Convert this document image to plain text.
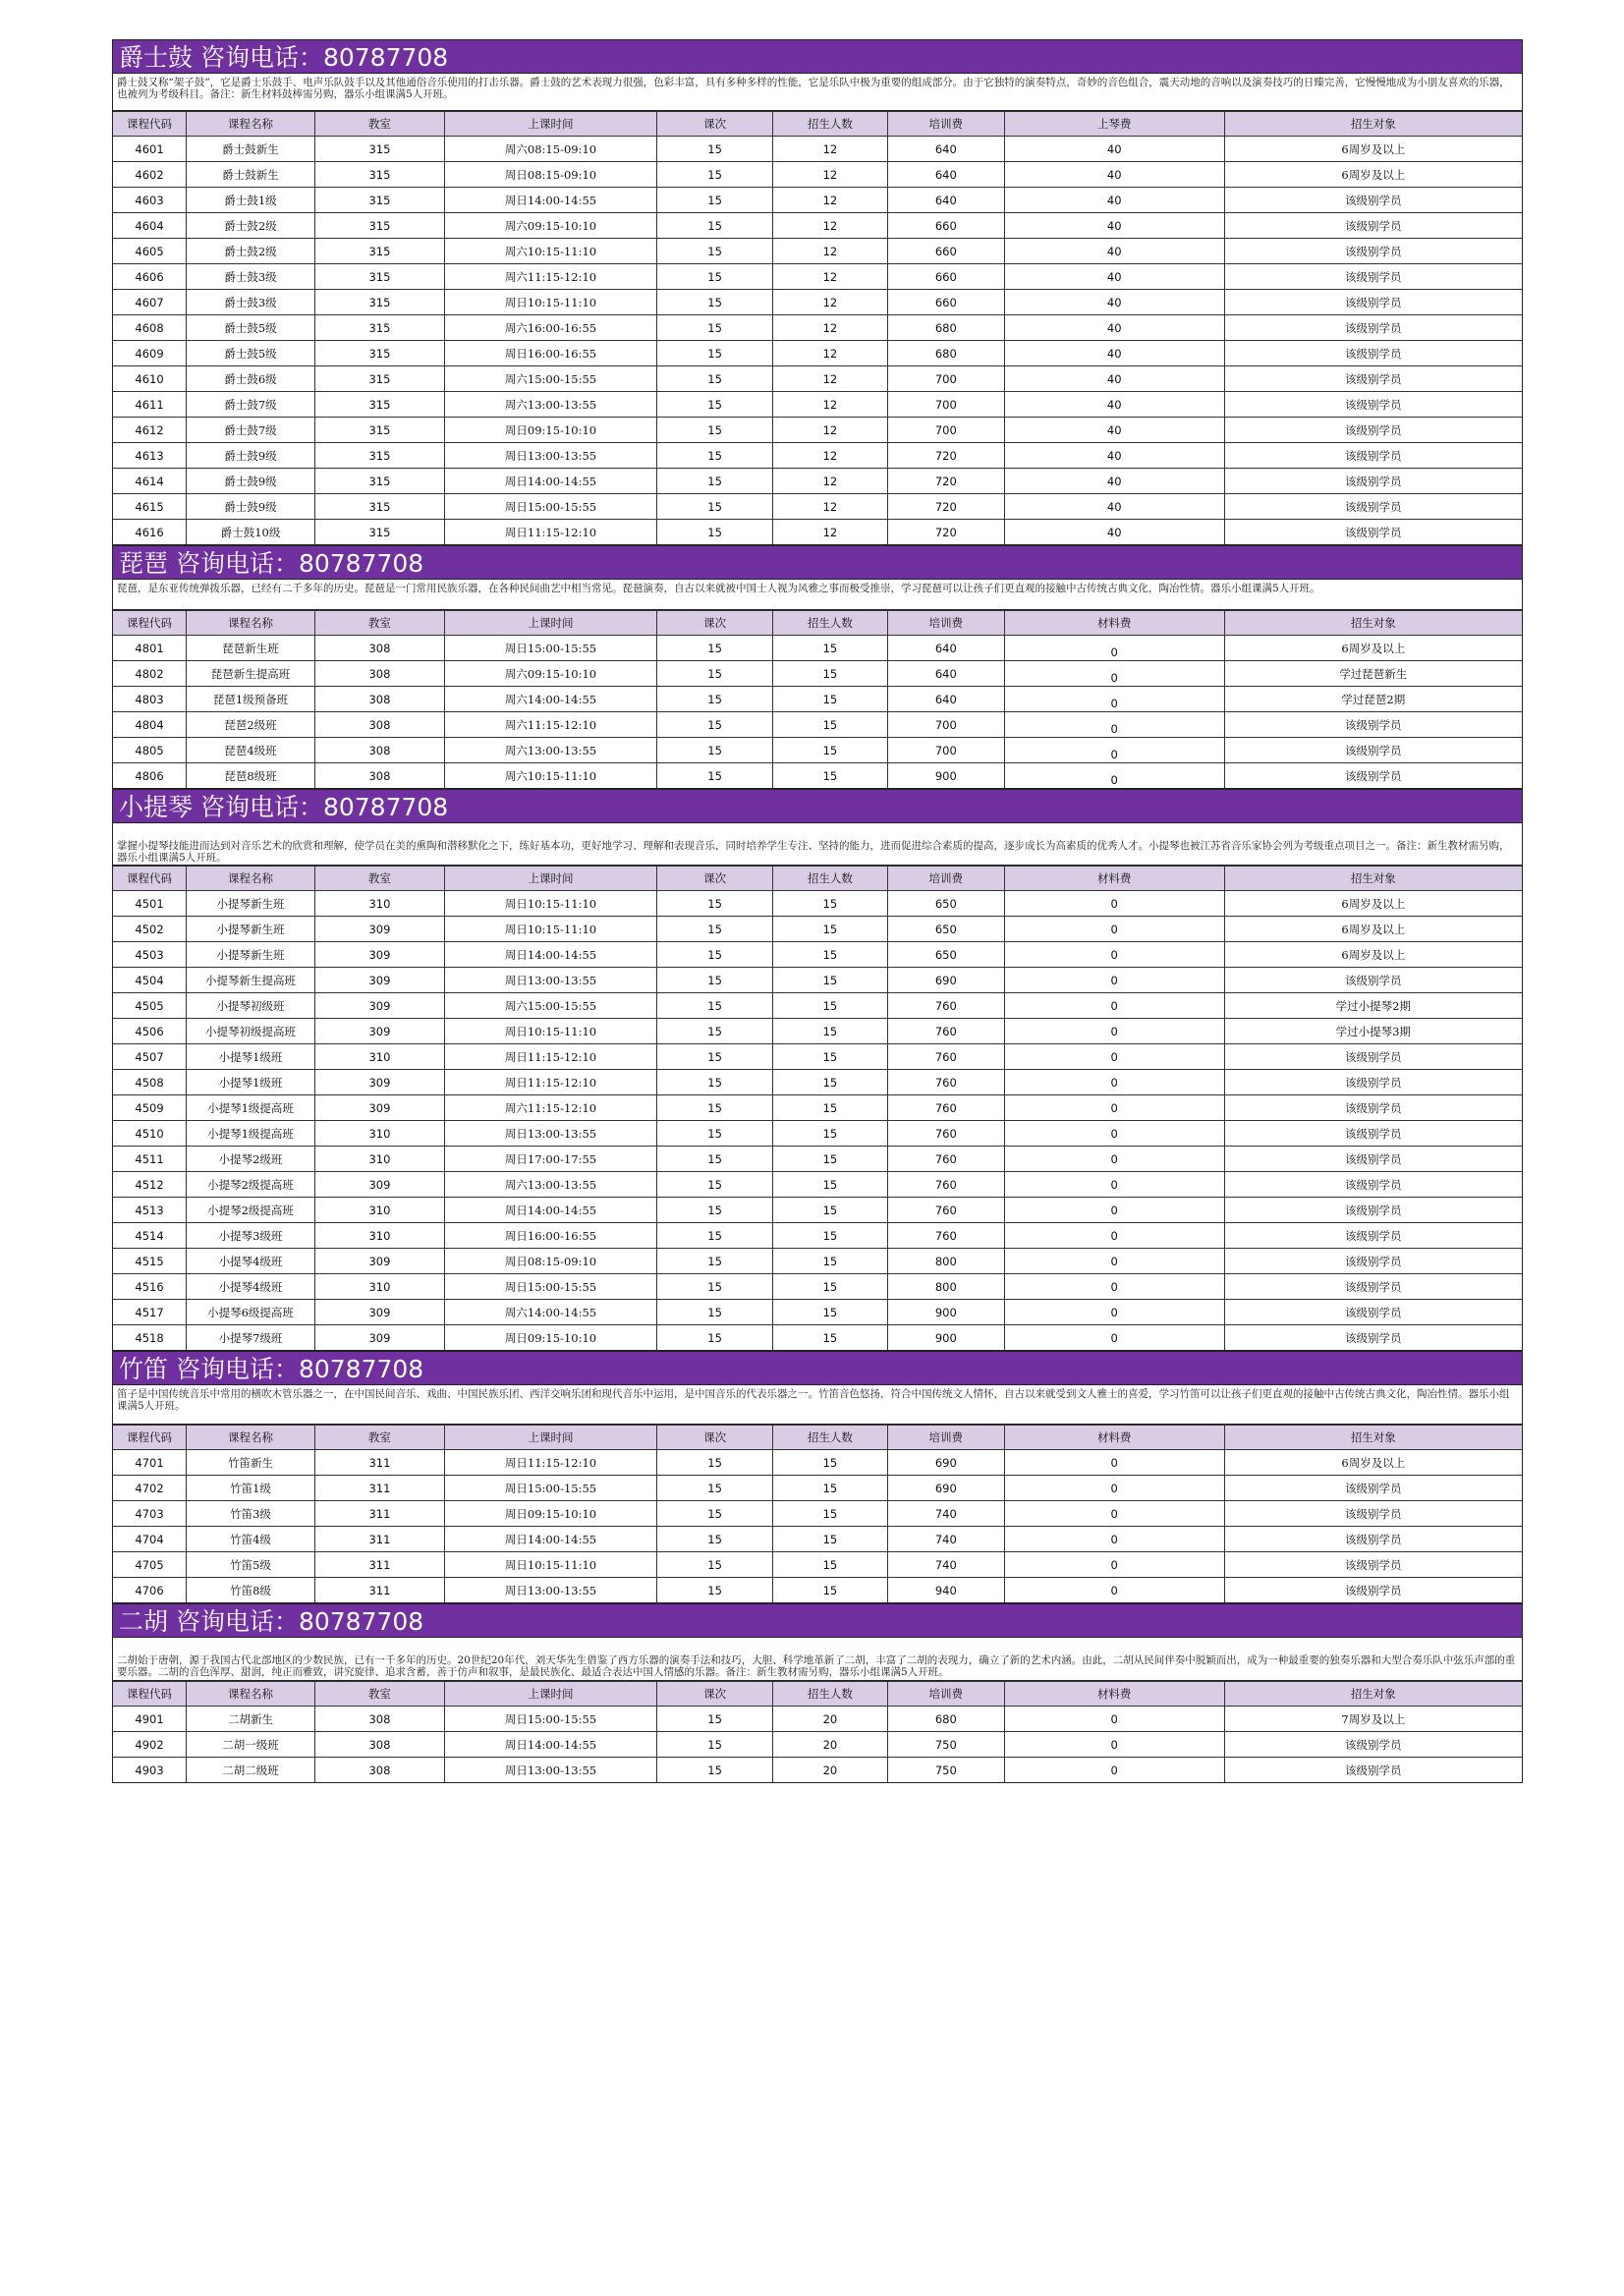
爵士鼓 咨询电话：80787708
爵士鼓又称“架子鼓”，它是爵士乐鼓手、电声乐队鼓手以及其他通俗音乐使用的打击乐器。爵士鼓的艺术表现力很强，色彩丰富，具有多种多样的性能，它是乐队中极为重要的组成部分。由于它独特的演奏特点，奇妙的音色组合，震天动地的音响以及演奏技巧的日臻完善，它慢慢地成为小朋友喜欢的乐器，也被列为考级科目。备注：新生材料鼓棒需另购，器乐小组课满5人开班。
课程代码	课程名称	教室	上课时间	课次	招生人数	培训费	上琴费	招生对象
4601	爵士鼓新生	315	周六08:15-09:10	15	12	640	40	6周岁及以上
4602	爵士鼓新生	315	周日08:15-09:10	15	12	640	40	6周岁及以上
4603	爵士鼓1级	315	周日14:00-14:55	15	12	640	40	该级别学员
4604	爵士鼓2级	315	周六09:15-10:10	15	12	660	40	该级别学员
4605	爵士鼓2级	315	周六10:15-11:10	15	12	660	40	该级别学员
4606	爵士鼓3级	315	周六11:15-12:10	15	12	660	40	该级别学员
4607	爵士鼓3级	315	周日10:15-11:10	15	12	660	40	该级别学员
4608	爵士鼓5级	315	周六16:00-16:55	15	12	680	40	该级别学员
4609	爵士鼓5级	315	周日16:00-16:55	15	12	680	40	该级别学员
4610	爵士鼓6级	315	周六15:00-15:55	15	12	700	40	该级别学员
4611	爵士鼓7级	315	周六13:00-13:55	15	12	700	40	该级别学员
4612	爵士鼓7级	315	周日09:15-10:10	15	12	700	40	该级别学员
4613	爵士鼓9级	315	周日13:00-13:55	15	12	720	40	该级别学员
4614	爵士鼓9级	315	周日14:00-14:55	15	12	720	40	该级别学员
4615	爵士鼓9级	315	周日15:00-15:55	15	12	720	40	该级别学员
4616	爵士鼓10级	315	周日11:15-12:10	15	12	720	40	该级别学员
琵琶 咨询电话：80787708
琵琶，是东亚传统弹拨乐器，已经有二千多年的历史。琵琶是一门常用民族乐器，在各种民间曲艺中相当常见。琵琶演奏，自古以来就被中国士人视为风雅之事而极受推崇，学习琵琶可以让孩子们更直观的接触中古传统古典文化，陶冶性情。器乐小组课满5人开班。
课程代码	课程名称	教室	上课时间	课次	招生人数	培训费	材料费	招生对象
4801	琵琶新生班	308	周日15:00-15:55	15	15	640	0	6周岁及以上
4802	琵琶新生提高班	308	周六09:15-10:10	15	15	640	0	学过琵琶新生
4803	琵琶1级预备班	308	周六14:00-14:55	15	15	640	0	学过琵琶2期
4804	琵琶2级班	308	周六11:15-12:10	15	15	700	0	该级别学员
4805	琵琶4级班	308	周六13:00-13:55	15	15	700	0	该级别学员
4806	琵琶8级班	308	周六10:15-11:10	15	15	900	0	该级别学员
小提琴 咨询电话：80787708
掌握小提琴技能进而达到对音乐艺术的欣赏和理解，使学员在美的熏陶和潜移默化之下，练好基本功，更好地学习、理解和表现音乐，同时培养学生专注、坚持的能力，进而促进综合素质的提高，逐步成长为高素质的优秀人才。小提琴也被江苏省音乐家协会列为考级重点项目之一。备注：新生教材需另购，器乐小组课满5人开班。
课程代码	课程名称	教室	上课时间	课次	招生人数	培训费	材料费	招生对象
4501	小提琴新生班	310	周日10:15-11:10	15	15	650	0	6周岁及以上
4502	小提琴新生班	309	周日10:15-11:10	15	15	650	0	6周岁及以上
4503	小提琴新生班	309	周日14:00-14:55	15	15	650	0	6周岁及以上
4504	小提琴新生提高班	309	周日13:00-13:55	15	15	690	0	该级别学员
4505	小提琴初级班	309	周六15:00-15:55	15	15	760	0	学过小提琴2期
4506	小提琴初级提高班	309	周日10:15-11:10	15	15	760	0	学过小提琴3期
4507	小提琴1级班	310	周日11:15-12:10	15	15	760	0	该级别学员
4508	小提琴1级班	309	周日11:15-12:10	15	15	760	0	该级别学员
4509	小提琴1级提高班	309	周六11:15-12:10	15	15	760	0	该级别学员
4510	小提琴1级提高班	310	周日13:00-13:55	15	15	760	0	该级别学员
4511	小提琴2级班	310	周日17:00-17:55	15	15	760	0	该级别学员
4512	小提琴2级提高班	309	周六13:00-13:55	15	15	760	0	该级别学员
4513	小提琴2级提高班	310	周日14:00-14:55	15	15	760	0	该级别学员
4514	小提琴3级班	310	周日16:00-16:55	15	15	760	0	该级别学员
4515	小提琴4级班	309	周日08:15-09:10	15	15	800	0	该级别学员
4516	小提琴4级班	310	周日15:00-15:55	15	15	800	0	该级别学员
4517	小提琴6级提高班	309	周六14:00-14:55	15	15	900	0	该级别学员
4518	小提琴7级班	309	周日09:15-10:10	15	15	900	0	该级别学员
竹笛 咨询电话：80787708
笛子是中国传统音乐中常用的横吹木管乐器之一，在中国民间音乐、戏曲、中国民族乐团、西洋交响乐团和现代音乐中运用，是中国音乐的代表乐器之一。竹笛音色悠扬，符合中国传统文人情怀，自古以来就受到文人雅士的喜爱，学习竹笛可以让孩子们更直观的接触中古传统古典文化，陶冶性情。器乐小组课满5人开班。
课程代码	课程名称	教室	上课时间	课次	招生人数	培训费	材料费	招生对象
4701	竹笛新生	311	周日11:15-12:10	15	15	690	0	6周岁及以上
4702	竹笛1级	311	周日15:00-15:55	15	15	690	0	该级别学员
4703	竹笛3级	311	周日09:15-10:10	15	15	740	0	该级别学员
4704	竹笛4级	311	周日14:00-14:55	15	15	740	0	该级别学员
4705	竹笛5级	311	周日10:15-11:10	15	15	740	0	该级别学员
4706	竹笛8级	311	周日13:00-13:55	15	15	940	0	该级别学员
二胡 咨询电话：80787708
二胡始于唐朝，源于我国古代北部地区的少数民族，已有一千多年的历史。20世纪20年代，刘天华先生借鉴了西方乐器的演奏手法和技巧，大胆、科学地革新了二胡，丰富了二胡的表现力，确立了新的艺术内涵。由此，二胡从民间伴奏中脱颖而出，成为一种最重要的独奏乐器和大型合奏乐队中弦乐声部的重要乐器。二胡的音色浑厚、甜润，纯正而雅致，讲究旋律、追求含蓄，善于仿声和叙事，是最民族化、最适合表达中国人情感的乐器。备注：新生教材需另购，器乐小组课满5人开班。
课程代码	课程名称	教室	上课时间	课次	招生人数	培训费	材料费	招生对象
4901	二胡新生	308	周日15:00-15:55	15	20	680	0	7周岁及以上
4902	二胡一级班	308	周日14:00-14:55	15	20	750	0	该级别学员
4903	二胡二级班	308	周日13:00-13:55	15	20	750	0	该级别学员
